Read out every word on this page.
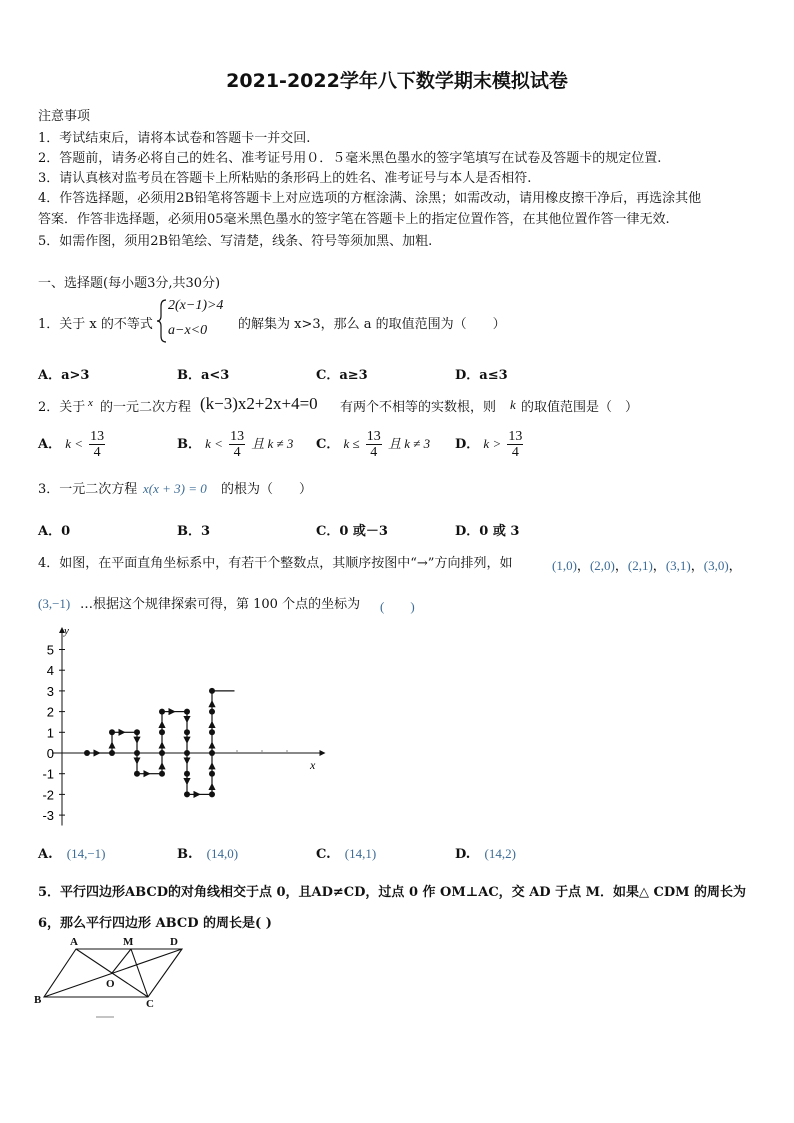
2021-2022学年八下数学期末模拟试卷
注意事项
1．考试结束后，请将本试卷和答题卡一并交回.
2．答题前，请务必将自己的姓名、准考证号用０．５毫米黑色墨水的签字笔填写在试卷及答题卡的规定位置.
3．请认真核对监考员在答题卡上所粘贴的条形码上的姓名、准考证号与本人是否相符.
4．作答选择题，必须用2B铅笔将答题卡上对应选项的方框涂满、涂黑；如需改动，请用橡皮擦干净后，再选涂其他
答案．作答非选择题，必须用05毫米黑色墨水的签字笔在答题卡上的指定位置作答，在其他位置作答一律无效.
5．如需作图，须用2B铅笔绘、写清楚，线条、符号等须加黑、加粗.
一、选择题(每小题3分,共30分)
1．关于 x 的不等式
2(x−1)>4
a−x<0 的解集为 x>3，那么 a 的取值范围为（　　）
A．a>3	B．a<3	C．a≥3	D．a≤3
2．关于 x 的一元二次方程 (k−3)x2+2x+4=0 有两个不相等的实数根，则 k 的取值范围是（　）
A． $k < \frac{13}{4}$	B． $k < \frac{13}{4}$ 且 k ≠ 3 C． $k \le \frac{13}{4}$ 且 k ≠ 3 D． $k > \frac{13}{4}$
3．一元二次方程 x(x + 3) = 0 的根为（　　）
A．0	B．3	C．0 或－3	D．0 或 3
4．如图，在平面直角坐标系中，有若干个整数点，其顺序按图中“→”方向排列，如	(1,0)，(2,0)，(2,1)，(3,1)，(3,0)，
(3,−1) …根据这个规律探索可得，第 100 个点的坐标为 (　　)
y
x
5
4
3
2
1
0
-1
-2
-3
A. (14,−1)	B. (14,0)	C. (14,1)	D. (14,2)
5．平行四边形ABCD的对角线相交于点 0，且AD≠CD，过点 0 作 OM⊥AC，交 AD 于点 M．如果△ CDM 的周长为
6，那么平行四边形 ABCD 的周长是( )
A	M	D
B	C
O
